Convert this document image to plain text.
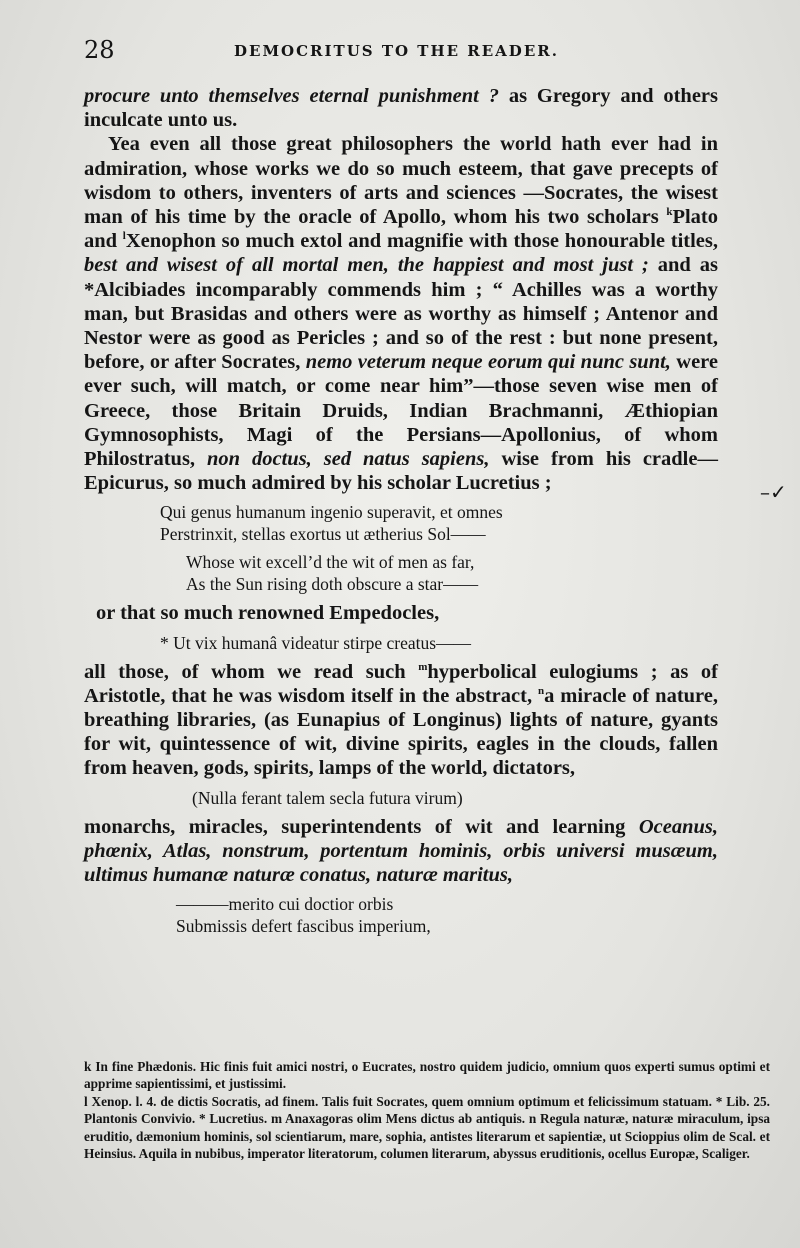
28	DEMOCRITUS TO THE READER.

procure unto themselves eternal punishment ? as Gregory and others inculcate unto us.

Yea even all those great philosophers the world hath ever had in admiration, whose works we do so much esteem, that gave precepts of wisdom to others, inventers of arts and sciences —Socrates, the wisest man of his time by the oracle of Apollo, whom his two scholars $^k$Plato and $^l$Xenophon so much extol and magnifie with those honourable titles, best and wisest of all mortal men, the happiest and most just ; and as *Alcibiades incomparably commends him ; “ Achilles was a worthy man, but Brasidas and others were as worthy as himself ; Antenor and Nestor were as good as Pericles ; and so of the rest : but none present, before, or after Socrates, nemo veterum neque eorum qui nunc sunt, were ever such, will match, or come near him”—those seven wise men of Greece, those Britain Druids, Indian Brachmanni, Æthiopian Gymnosophists, Magi of the Persians—Apollonius, of whom Philostratus, non doctus, sed natus sapiens, wise from his cradle—Epicurus, so much admired by his scholar Lucretius ;

Qui genus humanum ingenio superavit, et omnes
Perstrinxit, stellas exortus ut ætherius Sol——
Whose wit excell’d the wit of men as far,
As the Sun rising doth obscure a star——

or that so much renowned Empedocles,

* Ut vix humanâ videatur stirpe creatus——

all those, of whom we read such $^m$hyperbolical eulogiums ; as of Aristotle, that he was wisdom itself in the abstract, $^n$a miracle of nature, breathing libraries, (as Eunapius of Longinus) lights of nature, gyants for wit, quintessence of wit, divine spirits, eagles in the clouds, fallen from heaven, gods, spirits, lamps of the world, dictators,

(Nulla ferant talem secla futura virum)

monarchs, miracles, superintendents of wit and learning Oceanus, phœnix, Atlas, nonstrum, portentum hominis, orbis universi musæum, ultimus humanæ naturæ conatus, naturæ maritus,

———merito cui doctior orbis
Submissis defert fascibus imperium,
–✓

k In fine Phædonis. Hic finis fuit amici nostri, o Eucrates, nostro quidem judicio, omnium quos experti sumus optimi et apprime sapientissimi, et justissimi.

l Xenop. l. 4. de dictis Socratis, ad finem. Talis fuit Socrates, quem omnium optimum et felicissimum statuam. * Lib. 25. Plantonis Convivio. * Lucretius. m Anaxagoras olim Mens dictus ab antiquis. n Regula naturæ, naturæ miraculum, ipsa eruditio, dæmonium hominis, sol scientiarum, mare, sophia, antistes literarum et sapientiæ, ut Scioppius olim de Scal. et Heinsius. Aquila in nubibus, imperator literatorum, columen literarum, abyssus eruditionis, ocellus Europæ, Scaliger.
